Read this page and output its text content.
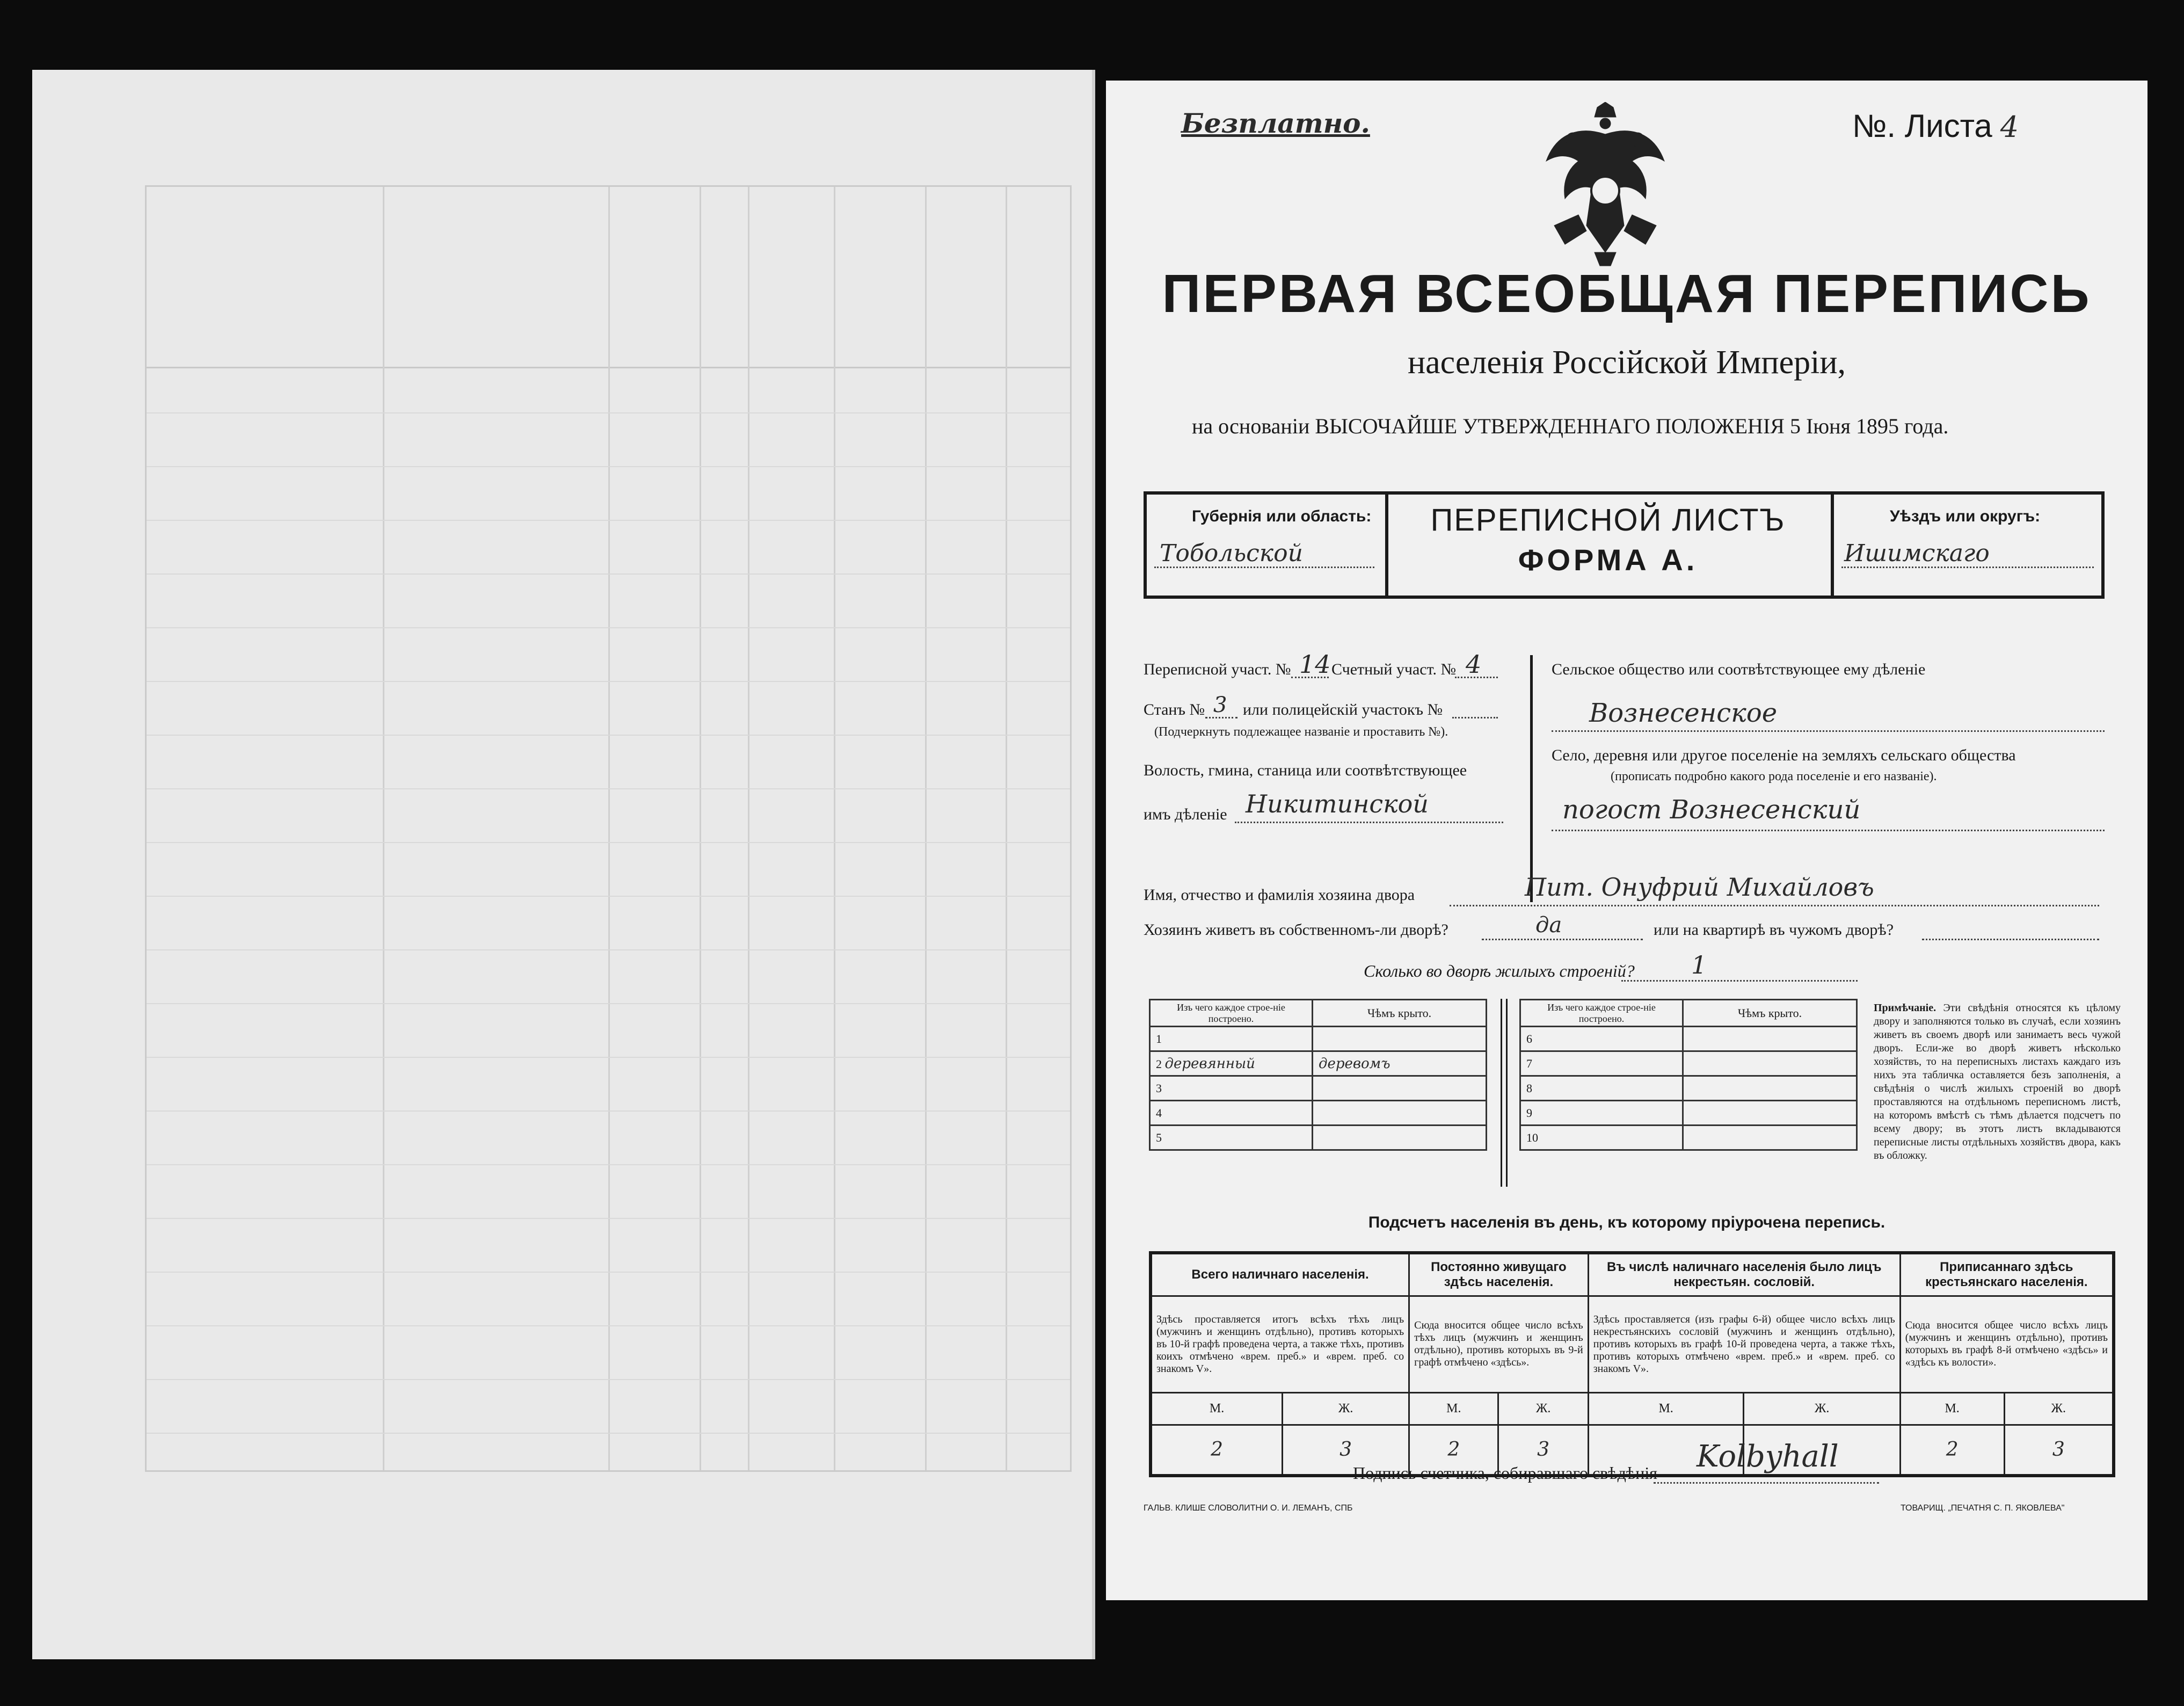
Безплатно.	№. Листа 4
ПЕРВАЯ ВСЕОБЩАЯ ПЕРЕПИСЬ
населенія Россійской Имперіи,
на основаніи ВЫСОЧАЙШЕ УТВЕРЖДЕННАГО ПОЛОЖЕНІЯ 5 Іюня 1895 года.
Губернія или область:
Тобольской
ПЕРЕПИСНОЙ ЛИСТЪ
ФОРМА А.
Уѣздъ или округъ:
Ишимскаго
Переписной участ. № 14 Счетный участ. № 4
Станъ № 3 или полицейскій участокъ №
(Подчеркнуть подлежащее названіе и проставить №).
Волость, гмина, станица или соотвѣтствующее
имъ дѣленіе Никитинской
Сельское общество или соотвѣтствующее ему дѣленіе
Вознесенское
Село, деревня или другое поселеніе на земляхъ сельскаго общества
(прописать подробно какого рода поселеніе и его названіе).
погост Вознесенский
Имя, отчество и фамилія хозяина двора	Пит. Онуфрий Михайловъ
Хозяинъ живетъ въ собственномъ-ли дворѣ?	да	или на квартирѣ въ чужомъ дворѣ?
Сколько во дворѣ жилыхъ строеній? 1
Изъ чего каждое строе-ніе построено.	Чѣмъ крыто.
1	
2 деревянный	деревомъ
3	
4	
5	
Изъ чего каждое строе-ніе построено.	Чѣмъ крыто.
6	
7	
8	
9	
10	
Примѣчаніе. Эти свѣдѣнія относятся къ цѣлому двору и заполняются только въ случаѣ, если хозяинъ живетъ въ своемъ дворѣ или занимаетъ весь чужой дворъ. Если-же во дворѣ живетъ нѣсколько хозяйствъ, то на переписныхъ листахъ каждаго изъ нихъ эта табличка оставляется безъ заполненія, а свѣдѣнія о числѣ жилыхъ строеній во дворѣ проставляются на отдѣльномъ переписномъ листѣ, на которомъ вмѣстѣ съ тѣмъ дѣлается подсчетъ по всему двору; въ этотъ листъ вкладываются переписные листы отдѣльныхъ хозяйствъ двора, какъ въ обложку.
Подсчетъ населенія въ день, къ которому пріурочена перепись.
Всего наличнаго населенія.		Постоянно живущаго здѣсь населенія.		Въ числѣ наличнаго населенія было лицъ некрестьян. сословій.		Приписаннаго здѣсь крестьянскаго населенія.	
Здѣсь проставляется итогъ всѣхъ тѣхъ лицъ (мужчинъ и женщинъ отдѣльно), противъ которыхъ въ 10-й графѣ проведена черта, а также тѣхъ, противъ коихъ отмѣчено «врем. преб.» и «врем. преб. со знакомъ V».		Сюда вносится общее число всѣхъ тѣхъ лицъ (мужчинъ и женщинъ отдѣльно), противъ которыхъ въ 9-й графѣ отмѣчено «здѣсь».		Здѣсь проставляется (изъ графы 6-й) общее число всѣхъ лицъ некрестьянскихъ сословій (мужчинъ и женщинъ отдѣльно), противъ которыхъ въ графѣ 10-й проведена черта, а также тѣхъ, противъ которыхъ отмѣчено «врем. преб.» и «врем. преб. со знакомъ V».		Сюда вносится общее число всѣхъ лицъ (мужчинъ и женщинъ отдѣльно), противъ которыхъ въ графѣ 8-й отмѣчено «здѣсь» и «здѣсь къ волости».	
М.	Ж.	М.	Ж.	М.	Ж.	М.	Ж.
2	3	2	3			2	3
Подпись счетчика, собиравшаго свѣдѣнія Kolbyhall
ГАЛЬВ. КЛИШЕ СЛОВОЛИТНИ О. И. ЛЕМАНЪ, СПБ	ТОВАРИЩ. „ПЕЧАТНЯ С. П. ЯКОВЛЕВА"
